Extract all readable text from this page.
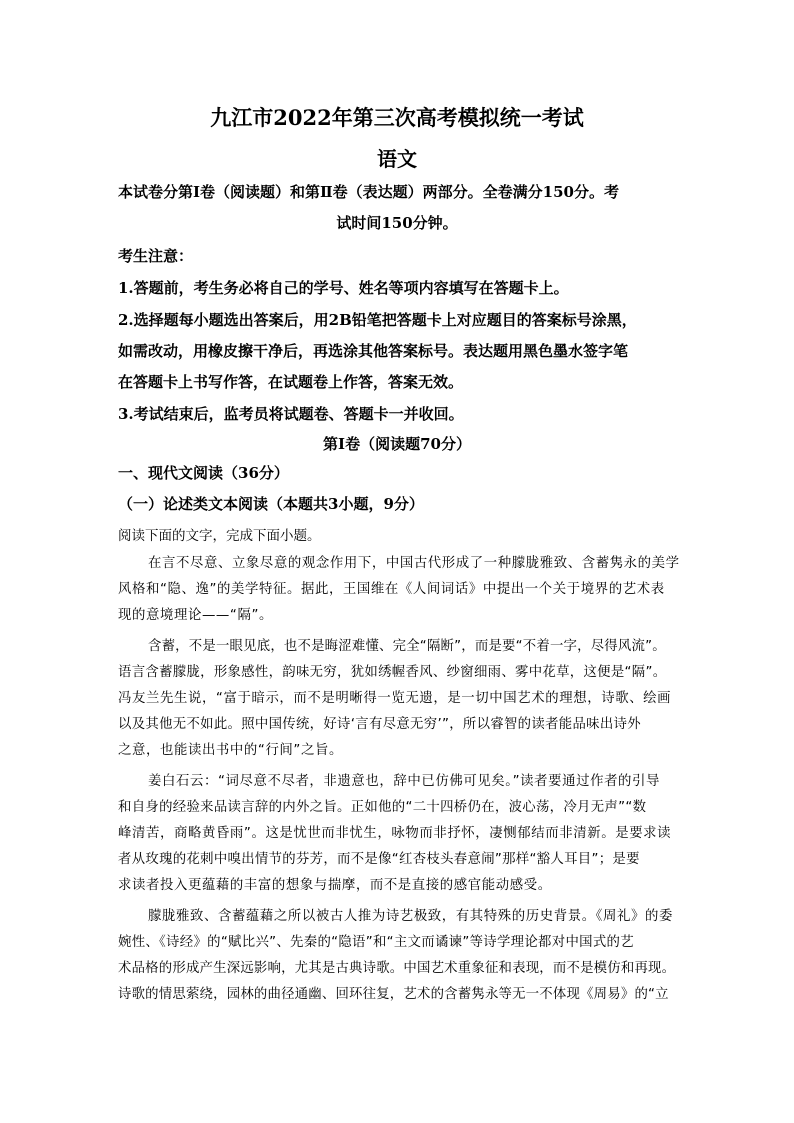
九江市2022年第三次高考模拟统一考试
语文
本试卷分第Ⅰ卷（阅读题）和第Ⅱ卷（表达题）两部分。全卷满分150分。考
试时间150分钟。
考生注意：
1.答题前，考生务必将自己的学号、姓名等项内容填写在答题卡上。
2.选择题每小题选出答案后，用2B铅笔把答题卡上对应题目的答案标号涂黑，
如需改动，用橡皮擦干净后，再选涂其他答案标号。表达题用黑色墨水签字笔
在答题卡上书写作答，在试题卷上作答，答案无效。
3.考试结束后，监考员将试题卷、答题卡一并收回。
第Ⅰ卷（阅读题70分）
一、现代文阅读（36分）
（一）论述类文本阅读（本题共3小题，9分）
阅读下面的文字，完成下面小题。
在言不尽意、立象尽意的观念作用下，中国古代形成了一种朦胧雅致、含蓄隽永的美学
风格和“隐、逸”的美学特征。据此，王国维在《人间词话》中提出一个关于境界的艺术表
现的意境理论——“隔”。
含蓄，不是一眼见底，也不是晦涩难懂、完全“隔断”，而是要“不着一字，尽得风流”。
语言含蓄朦胧，形象感性，韵味无穷，犹如绣幄香风、纱窗细雨、雾中花草，这便是“隔”。
冯友兰先生说，“富于暗示，而不是明晰得一览无遗，是一切中国艺术的理想，诗歌、绘画
以及其他无不如此。照中国传统，好诗‘言有尽意无穷’”，所以睿智的读者能品味出诗外
之意，也能读出书中的“行间”之旨。
姜白石云：“词尽意不尽者，非遗意也，辞中已仿佛可见矣。”读者要通过作者的引导
和自身的经验来品读言辞的内外之旨。正如他的“二十四桥仍在，波心荡，冷月无声”“数
峰清苦，商略黄昏雨”。这是忧世而非忧生，咏物而非抒怀，凄恻郁结而非清新。是要求读
者从玫瑰的花刺中嗅出情节的芬芳，而不是像“红杏枝头春意闹”那样“豁人耳目”；是要
求读者投入更蕴藉的丰富的想象与揣摩，而不是直接的感官能动感受。
朦胧雅致、含蓄蕴藉之所以被古人推为诗艺极致，有其特殊的历史背景。《周礼》的委
婉性、《诗经》的“赋比兴”、先秦的“隐语”和“主文而谲谏”等诗学理论都对中国式的艺
术品格的形成产生深远影响，尤其是古典诗歌。中国艺术重象征和表现，而不是模仿和再现。
诗歌的情思萦绕，园林的曲径通幽、回环往复，艺术的含蓄隽永等无一不体现《周易》的“立
